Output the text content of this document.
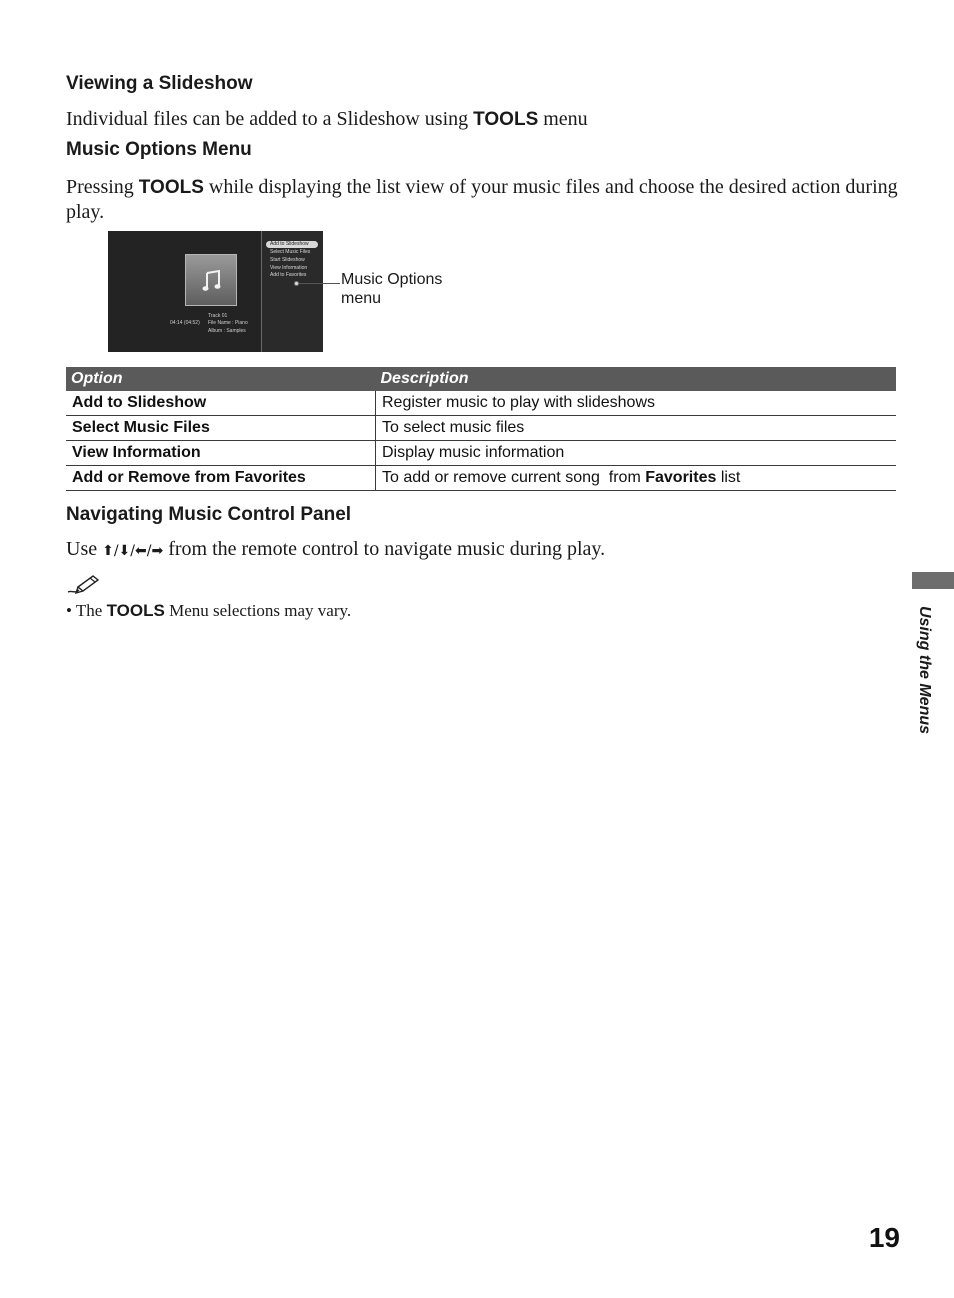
Viewing a Slideshow

Individual files can be added to a Slideshow using TOOLS menu

Music Options Menu

Pressing TOOLS while displaying the list view of your music files and choose the desired action during play.

Track 01
04:14 (04:52) File Name : Piano
Album : Samples
Add to Slideshow
Select Music Files
Start Slideshow
View Information
Add to Favorites Music Options menu
Option	Description
Add to Slideshow	Register music to play with slideshows
Select Music Files	To select music files
View Information	Display music information
Add or Remove from Favorites	To add or remove current song  from Favorites list
Navigating Music Control Panel

Use ⬆/⬇/⬅/➡ from the remote control to navigate music during play.

• The TOOLS Menu selections may vary.	Using the Menus
19
